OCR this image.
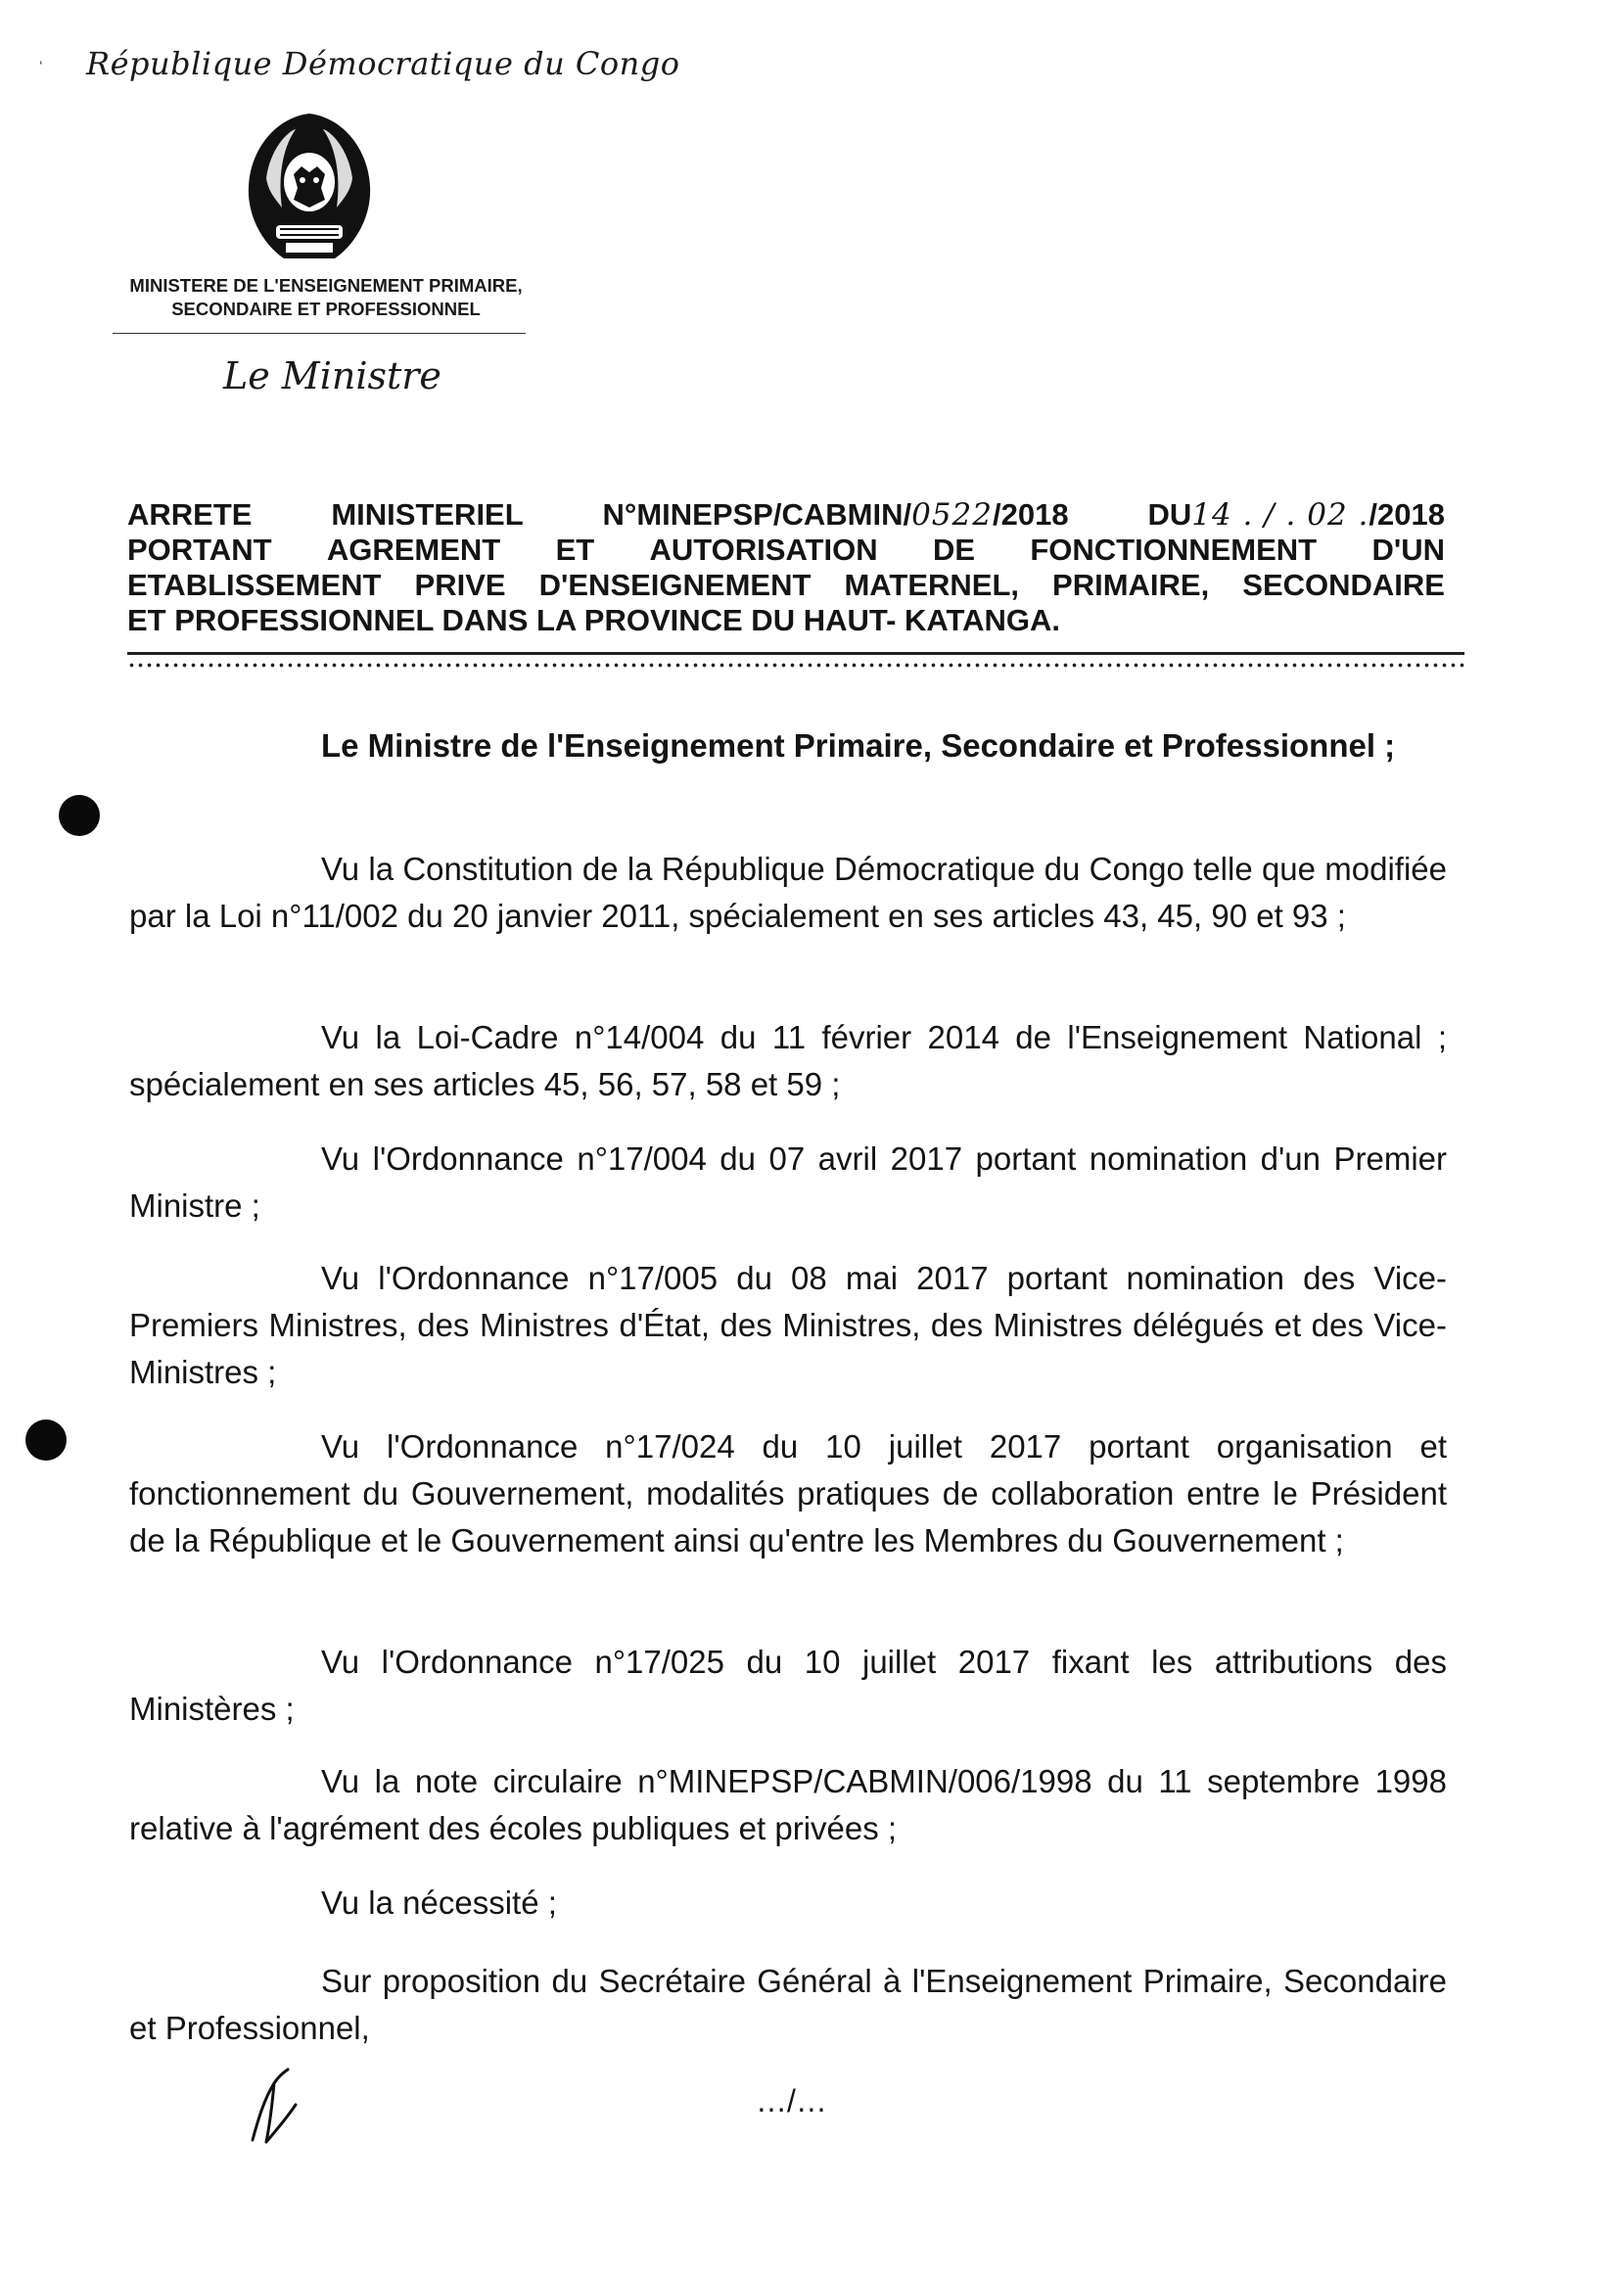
‘ République Démocratique du Congo
MINISTERE DE L'ENSEIGNEMENT PRIMAIRE,
SECONDAIRE ET PROFESSIONNEL
Le Ministre
ARRETE	MINISTERIEL	N°MINEPSP/CABMIN/0522/2018	DU14 . / . 02 ./2018
PORTANT AGREMENT ET AUTORISATION DE FONCTIONNEMENT D'UN
ETABLISSEMENT PRIVE D'ENSEIGNEMENT MATERNEL, PRIMAIRE, SECONDAIRE
ET PROFESSIONNEL DANS LA PROVINCE DU HAUT- KATANGA.
Le Ministre de l'Enseignement Primaire, Secondaire et Professionnel ;
Vu la Constitution de la République Démocratique du Congo telle que modifiée par la Loi n°11/002 du 20 janvier 2011, spécialement en ses articles 43, 45, 90 et 93 ;
Vu la Loi-Cadre n°14/004 du 11 février 2014 de l'Enseignement National ; spécialement en ses articles 45, 56, 57, 58 et 59 ;
Vu l'Ordonnance n°17/004 du 07 avril 2017 portant nomination d'un Premier Ministre ;
Vu l'Ordonnance n°17/005 du 08 mai 2017 portant nomination des Vice-Premiers Ministres, des Ministres d'État, des Ministres, des Ministres délégués et des Vice-Ministres ;
Vu l'Ordonnance n°17/024 du 10 juillet 2017 portant organisation et fonctionnement du Gouvernement, modalités pratiques de collaboration entre le Président de la République et le Gouvernement ainsi qu'entre les Membres du Gouvernement ;
Vu l'Ordonnance n°17/025 du 10 juillet 2017 fixant les attributions des Ministères ;
Vu la note circulaire n°MINEPSP/CABMIN/006/1998 du 11 septembre 1998 relative à l'agrément des écoles publiques et privées ;
Vu la nécessité ;
Sur proposition du Secrétaire Général à l'Enseignement Primaire, Secondaire et Professionnel,
…/…
